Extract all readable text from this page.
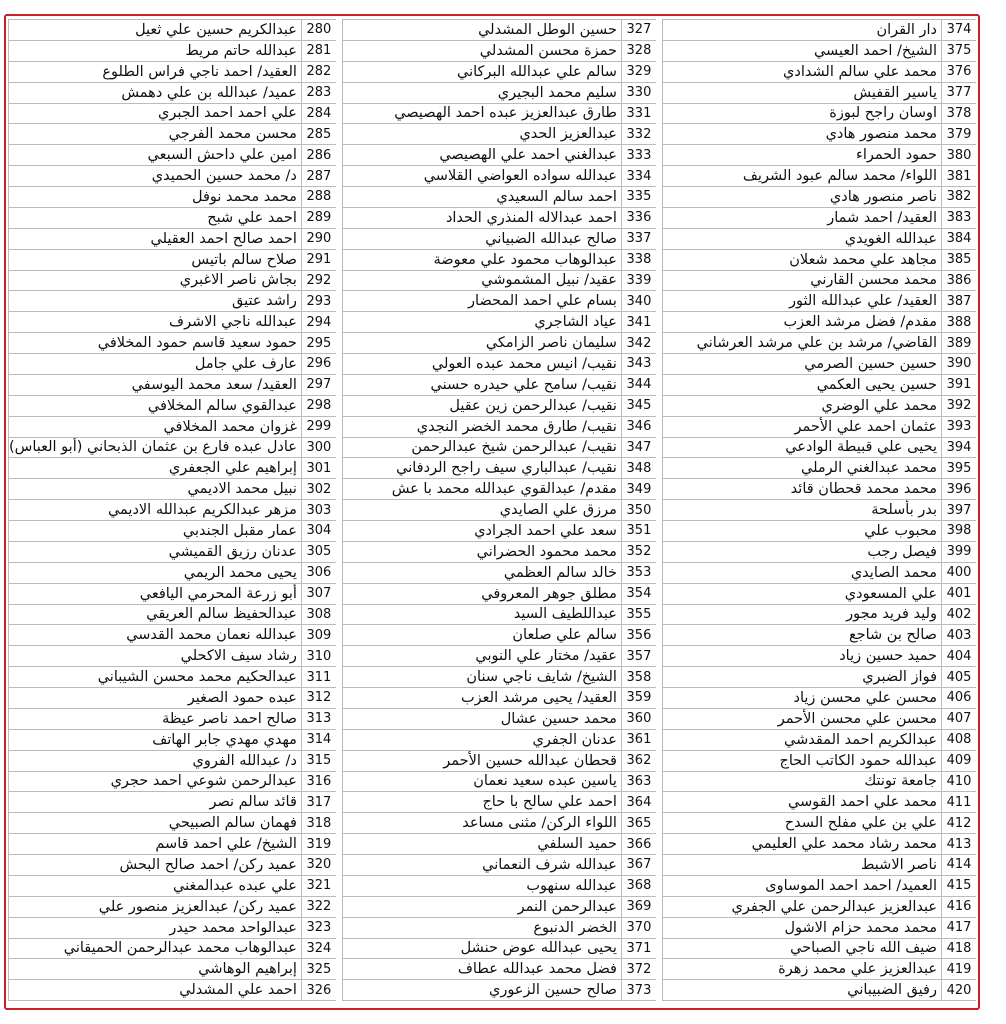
374
دار القران
375
الشيخ/ احمد العيسي
376
محمد علي سالم الشدادي
377
ياسير القفيش
378
اوسان راجح لبوزة
379
محمد منصور هادي
380
حمود الحمراء
381
اللواء/ محمد سالم عبود الشريف
382
ناصر منصور هادي
383
العقيد/ احمد شمار
384
عبدالله الغويدي
385
مجاهد علي محمد شعلان
386
محمد محسن القارني
387
العقيد/ علي عبدالله الثور
388
مقدم/ فضل مرشد العزب
389
القاضي/ مرشد بن علي مرشد العرشاني
390
حسين حسين الصرمي
391
حسين يحيى العكمي
392
محمد علي الوضري
393
عثمان احمد علي الأحمر
394
يحيى علي قبيطة الوادعي
395
محمد عبدالغني الرملي
396
محمد محمد قحطان قائد
397
بدر بأسلحة
398
محبوب علي
399
فيصل رجب
400
محمد الصايدي
401
علي المسعودي
402
وليد فريد مجور
403
صالح بن شاجع
404
حميد حسين زياد
405
فواز الضبري
406
محسن علي محسن زياد
407
محسن علي محسن الأحمر
408
عبدالكريم احمد المقدشي
409
عبدالله حمود الكاتب الحاج
410
جامعة تونتك
411
محمد علي احمد القوسي
412
علي بن علي مفلح السدح
413
محمد رشاد محمد علي العليمي
414
ناصر الاشبط
415
العميد/ احمد احمد الموساوى
416
عبدالعزيز عبدالرحمن علي الجفري
417
محمد محمد حزام الاشول
418
ضيف الله ناجي الصباحي
419
عبدالعزيز علي محمد زهرة
420
رفيق الضبيباني
327
حسين الوطل المشدلي
328
حمزة محسن المشدلي
329
سالم علي عبدالله البركاني
330
سليم محمد البجيري
331
طارق عبدالعزيز عبده احمد الهصيصي
332
عبدالعزيز الحدي
333
عبدالغني احمد علي الهصيصي
334
عبدالله سواده العواضي القلاسي
335
احمد سالم السعيدي
336
احمد عبدالاله المنذري الحداد
337
صالح عبدالله الضبياني
338
عبدالوهاب محمود علي معوضة
339
عقيد/ نبيل المشموشي
340
بسام علي احمد المحضار
341
عياد الشاجري
342
سليمان ناصر الزامكي
343
نقيب/ انيس محمد عبده العولي
344
نقيب/ سامح علي حيدره حسني
345
نقيب/ عبدالرحمن زين عقيل
346
نقيب/ طارق محمد الخضر النجدي
347
نقيب/ عبدالرحمن شيخ عبدالرحمن
348
نقيب/ عبدالباري سيف راجح الردفاني
349
مقدم/ عبدالقوي عبدالله محمد با عش
350
مرزق علي الصايدي
351
سعد علي احمد الجرادي
352
محمد محمود الحضراني
353
خالد سالم العظمي
354
مطلق جوهر المعروفي
355
عبداللطيف السيد
356
سالم علي صلعان
357
عقيد/ مختار علي النوبي
358
الشيخ/ شايف ناجي سنان
359
العقيد/ يحيى مرشد العزب
360
محمد حسين عشال
361
عدنان الجفري
362
قحطان عبدالله حسين الأحمر
363
ياسين عبده سعيد نعمان
364
احمد علي سالح با حاج
365
اللواء الركن/ مثنى مساعد
366
حميد السلفي
367
عبدالله شرف النعماني
368
عبدالله سنهوب
369
عبدالرحمن النمر
370
الخضر الدنبوع
371
يحيى عبدالله عوض حنشل
372
فضل محمد عبدالله عطاف
373
صالح حسين الزعوري
280
عبدالكريم حسين علي ثعيل
281
عبدالله حاتم مريط
282
العقيد/ احمد ناجي فراس الطلوع
283
عميد/ عبدالله بن علي دهمش
284
علي احمد احمد الجبري
285
محسن محمد الفرجي
286
امين علي داحش السبعي
287
د/ محمد حسين الحميدي
288
محمد محمد نوفل
289
احمد علي شبح
290
احمد صالح احمد العقيلي
291
صلاح سالم باتيس
292
بجاش ناصر الاغبري
293
راشد عتيق
294
عبدالله ناجي الاشرف
295
حمود سعيد قاسم حمود المخلافي
296
عارف علي جامل
297
العقيد/ سعد محمد اليوسفي
298
عبدالقوي سالم المخلافي
299
غزوان محمد المخلافي
300
عادل عبده فارع بن عثمان الذبحاني (أبو العباس)
301
إبراهيم علي الجعفري
302
نبيل محمد الاديمي
303
مزهر عبدالكريم عبدالله الاديمي
304
عمار مقبل الجندبي
305
عدنان رزيق القميشي
306
يحيى محمد الريمي
307
أبو زرعة المحرمي اليافعي
308
عبدالحفيظ سالم العريقي
309
عبدالله نعمان محمد القدسي
310
رشاد سيف الاكحلي
311
عبدالحكيم محمد محسن الشيباني
312
عبده حمود الصغير
313
صالح احمد ناصر عيظة
314
مهدي مهدي جابر الهاتف
315
د/ عبدالله الفروي
316
عبدالرحمن شوعي احمد حجري
317
قائد سالم نصر
318
فهمان سالم الصبيحي
319
الشيخ/ علي احمد قاسم
320
عميد ركن/ احمد صالح البحش
321
علي عبده عبدالمغني
322
عميد ركن/ عبدالعزيز منصور علي
323
عبدالواحد محمد حيدر
324
عبدالوهاب محمد عبدالرحمن الحميقاني
325
إبراهيم الوهاشي
326
احمد علي المشدلي
